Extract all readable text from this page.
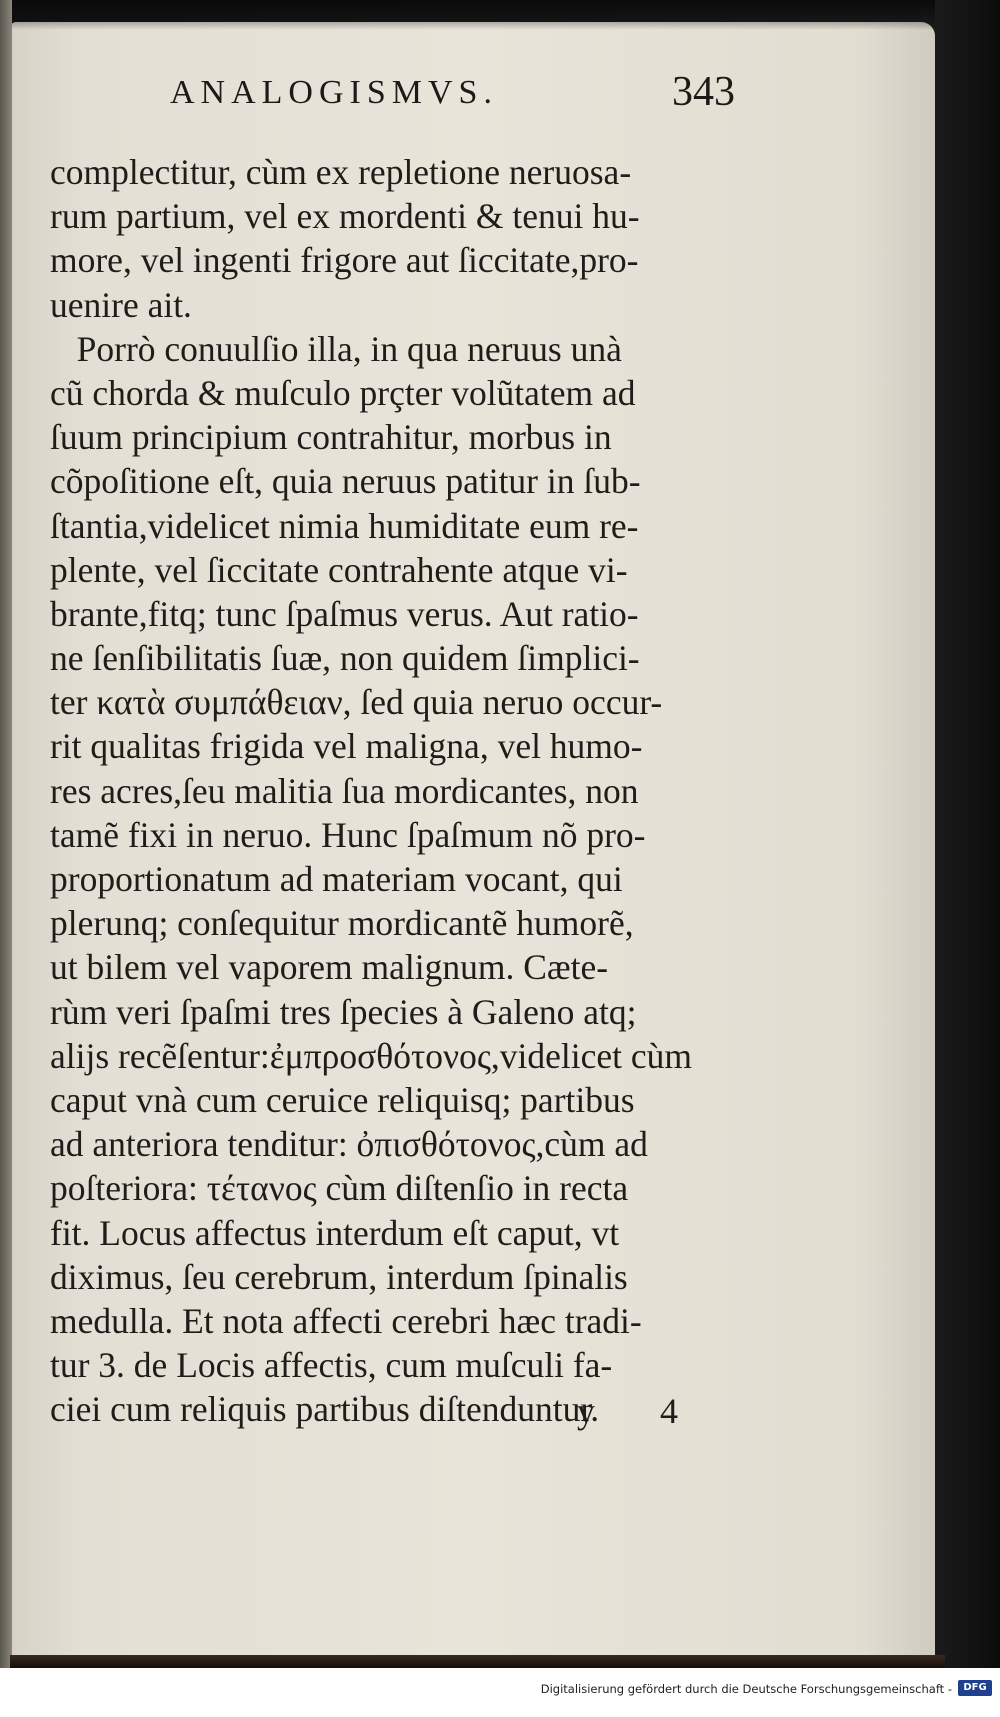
complectitur, cùm ex repletione neruosa-
rum partium, vel ex mordenti & tenui hu-
more, vel ingenti frigore aut ſiccitate,pro-
uenire ait.
Porrò conuulſio illa, in qua neruus unà
cũ chorda & muſculo prçter volũtatem ad
ſuum principium contrahitur, morbus in
cõpoſitione eſt, quia neruus patitur in ſub-
ſtantia,videlicet nimia humiditate eum re-
plente, vel ſiccitate contrahente atque vi-
brante,fitq; tunc ſpaſmus verus. Aut ratio-
ne ſenſibilitatis ſuæ, non quidem ſimplici-
ter κατὰ συμπάθειαν, ſed quia neruo occur-
rit qualitas frigida vel maligna, vel humo-
res acres,ſeu malitia ſua mordicantes, non
tamẽ fixi in neruo. Hunc ſpaſmum nõ pro-
proportionatum ad materiam vocant, qui
plerunq; conſequitur mordicantẽ humorẽ,
ut bilem vel vaporem malignum. Cæte-
rùm veri ſpaſmi tres ſpecies à Galeno atq;
alijs recẽſentur:ἐμπροσθότονος,videlicet cùm
caput vnà cum ceruice reliquisq; partibus
ad anteriora tenditur: ὀπισθότονος,cùm ad
poſteriora: τέτανος cùm diſtenſio in recta
fit. Locus affectus interdum eſt caput, vt
diximus, ſeu cerebrum, interdum ſpinalis
medulla. Et nota affecti cerebri hæc tradi-
tur 3. de Locis affectis, cum muſculi fa-
ciei cum reliquis partibus diſtenduntur.
ANALOGISMVS.	343
y 4
Digitalisierung gefördert durch die Deutsche Forschungsgemeinschaft -	DFG
